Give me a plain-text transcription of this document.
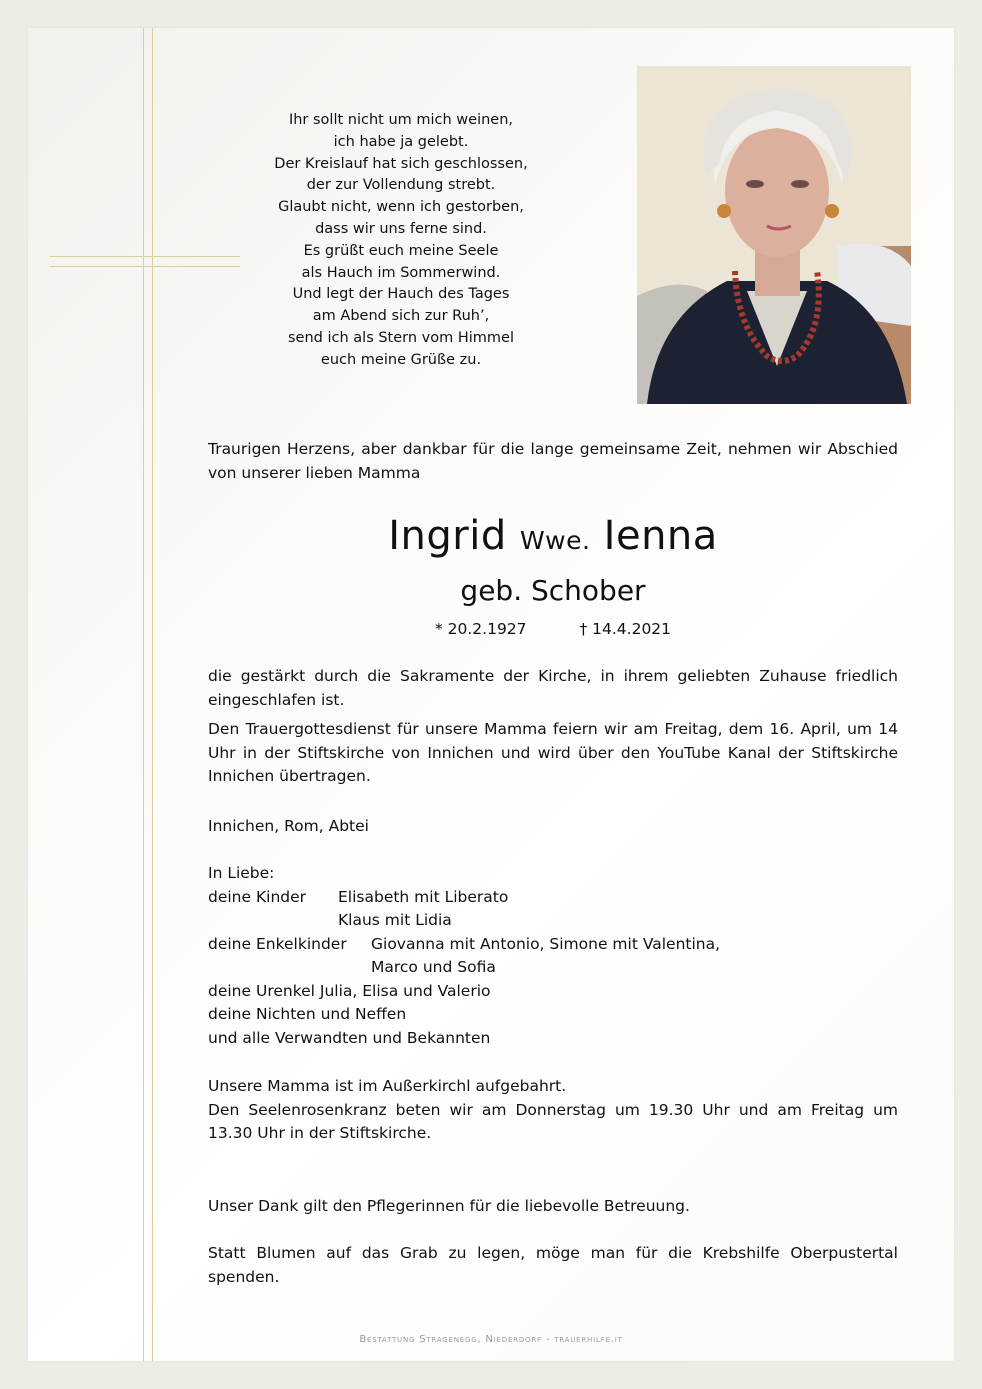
Ihr sollt nicht um mich weinen,
ich habe ja gelebt.
Der Kreislauf hat sich geschlossen,
der zur Vollendung strebt.
Glaubt nicht, wenn ich gestorben,
dass wir uns ferne sind.
Es grüßt euch meine Seele
als Hauch im Sommerwind.
Und legt der Hauch des Tages
am Abend sich zur Ruh’,
send ich als Stern vom Himmel
euch meine Grüße zu.
Traurigen Herzens, aber dankbar für die lange gemeinsame Zeit, nehmen wir Abschied von unserer lieben Mamma
Ingrid Wwe. Ienna
geb. Schober
* 20.2.1927	† 14.4.2021
die gestärkt durch die Sakramente der Kirche, in ihrem geliebten Zuhause friedlich eingeschlafen ist.
Den Trauergottesdienst für unsere Mamma feiern wir am Freitag, dem 16. April, um 14 Uhr in der Stiftskirche von Innichen und wird über den YouTube Kanal der Stiftskirche Innichen übertragen.
Innichen, Rom, Abtei
In Liebe:
deine Kinder Elisabeth mit Liberato
Klaus mit Lidia
deine Enkelkinder Giovanna mit Antonio, Simone mit Valentina,
Marco und Sofia
deine Urenkel Julia, Elisa und Valerio
deine Nichten und Neffen
und alle Verwandten und Bekannten
Unsere Mamma ist im Außerkirchl aufgebahrt.
Den Seelenrosenkranz beten wir am Donnerstag um 19.30 Uhr und am Freitag um 13.30 Uhr in der Stiftskirche.
Unser Dank gilt den Pflegerinnen für die liebevolle Betreuung.
Statt Blumen auf das Grab zu legen, möge man für die Krebshilfe Oberpustertal spenden.
Bestattung Stragenegg, Niederdorf - trauerhilfe.it
